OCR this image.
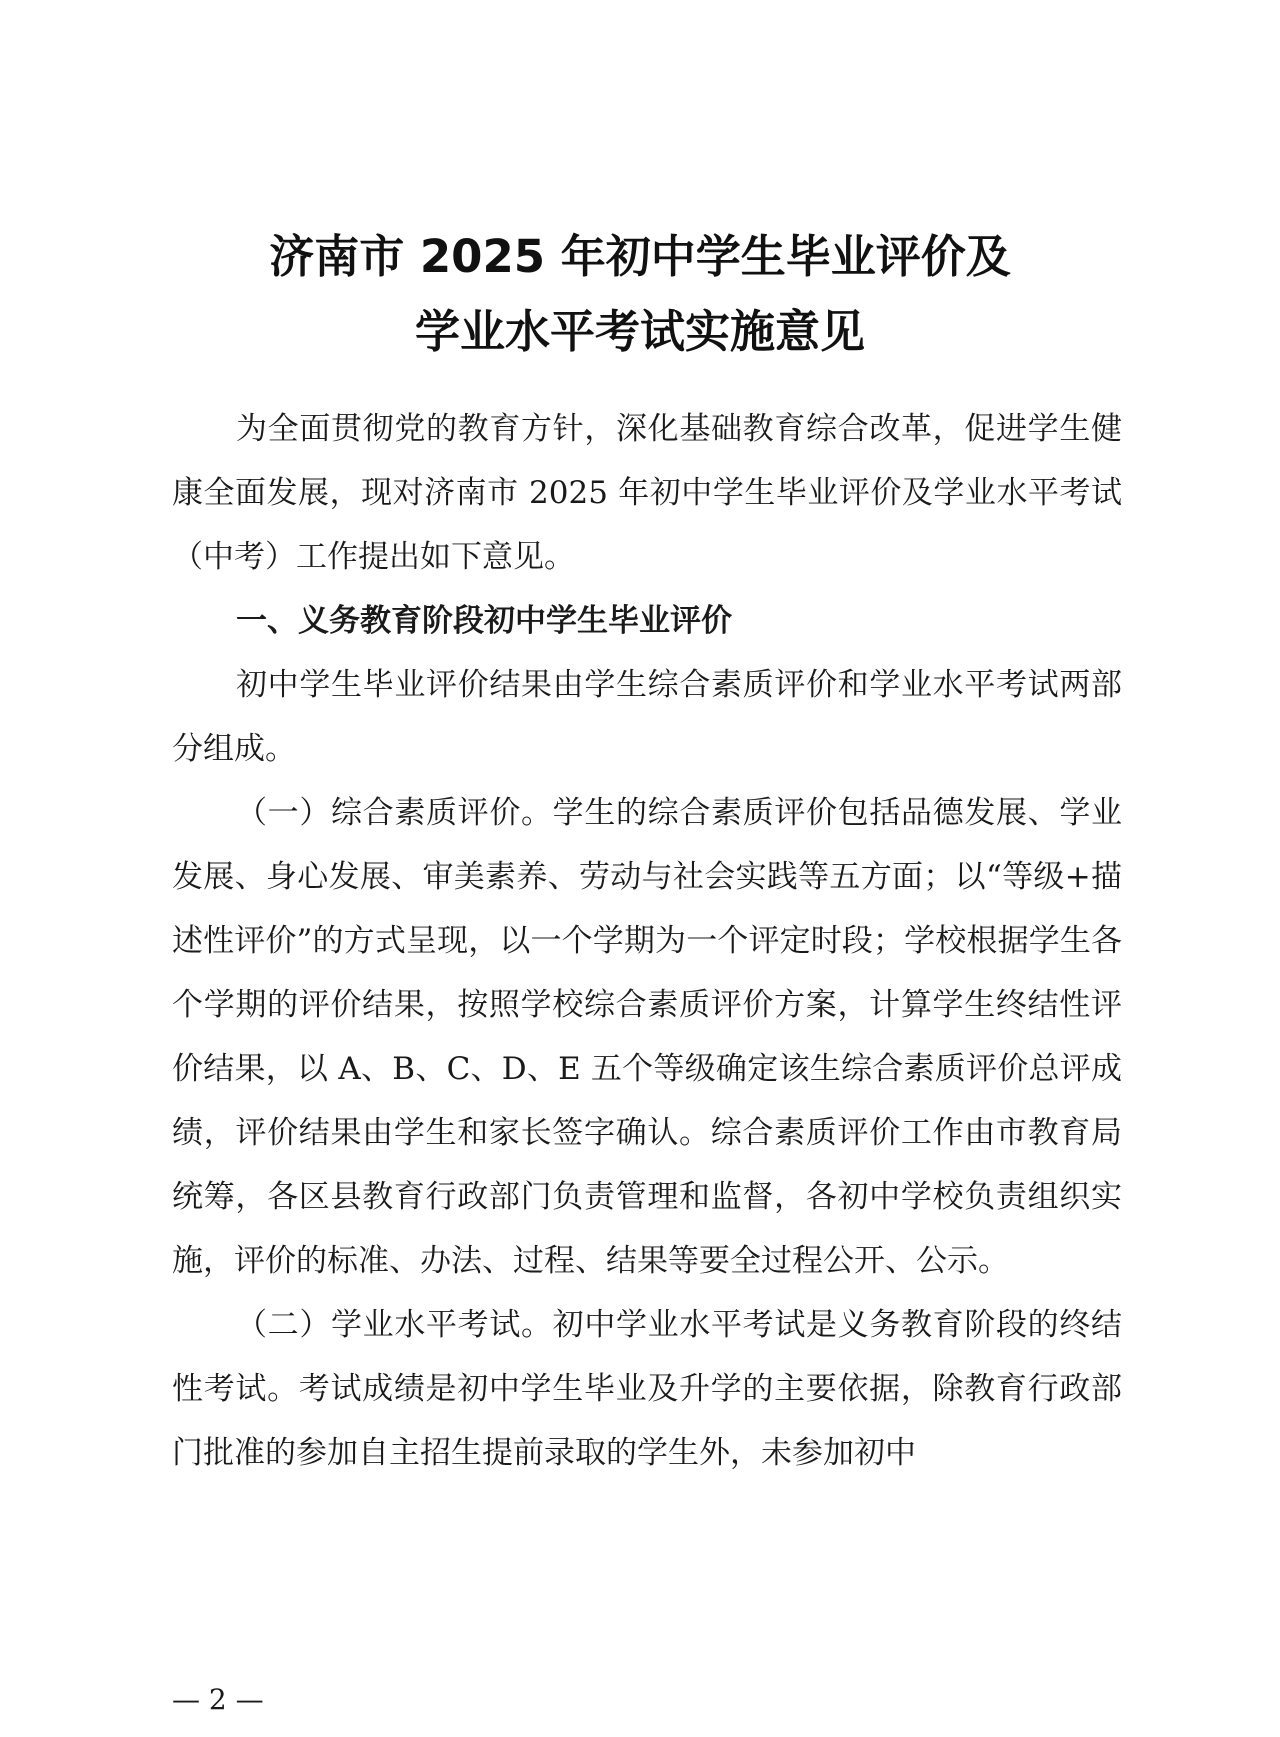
济南市 2025 年初中学生毕业评价及
学业水平考试实施意见

为全面贯彻党的教育方针，深化基础教育综合改革，促进学生健康全面发展，现对济南市 2025 年初中学生毕业评价及学业水平考试（中考）工作提出如下意见。

一、义务教育阶段初中学生毕业评价

初中学生毕业评价结果由学生综合素质评价和学业水平考试两部分组成。

（一）综合素质评价。学生的综合素质评价包括品德发展、学业发展、身心发展、审美素养、劳动与社会实践等五方面；以“等级+描述性评价”的方式呈现，以一个学期为一个评定时段；学校根据学生各个学期的评价结果，按照学校综合素质评价方案，计算学生终结性评价结果，以 A、B、C、D、E 五个等级确定该生综合素质评价总评成绩，评价结果由学生和家长签字确认。综合素质评价工作由市教育局统筹，各区县教育行政部门负责管理和监督，各初中学校负责组织实施，评价的标准、办法、过程、结果等要全过程公开、公示。

（二）学业水平考试。初中学业水平考试是义务教育阶段的终结性考试。考试成绩是初中学生毕业及升学的主要依据，除教育行政部门批准的参加自主招生提前录取的学生外，未参加初中

— 2 —
